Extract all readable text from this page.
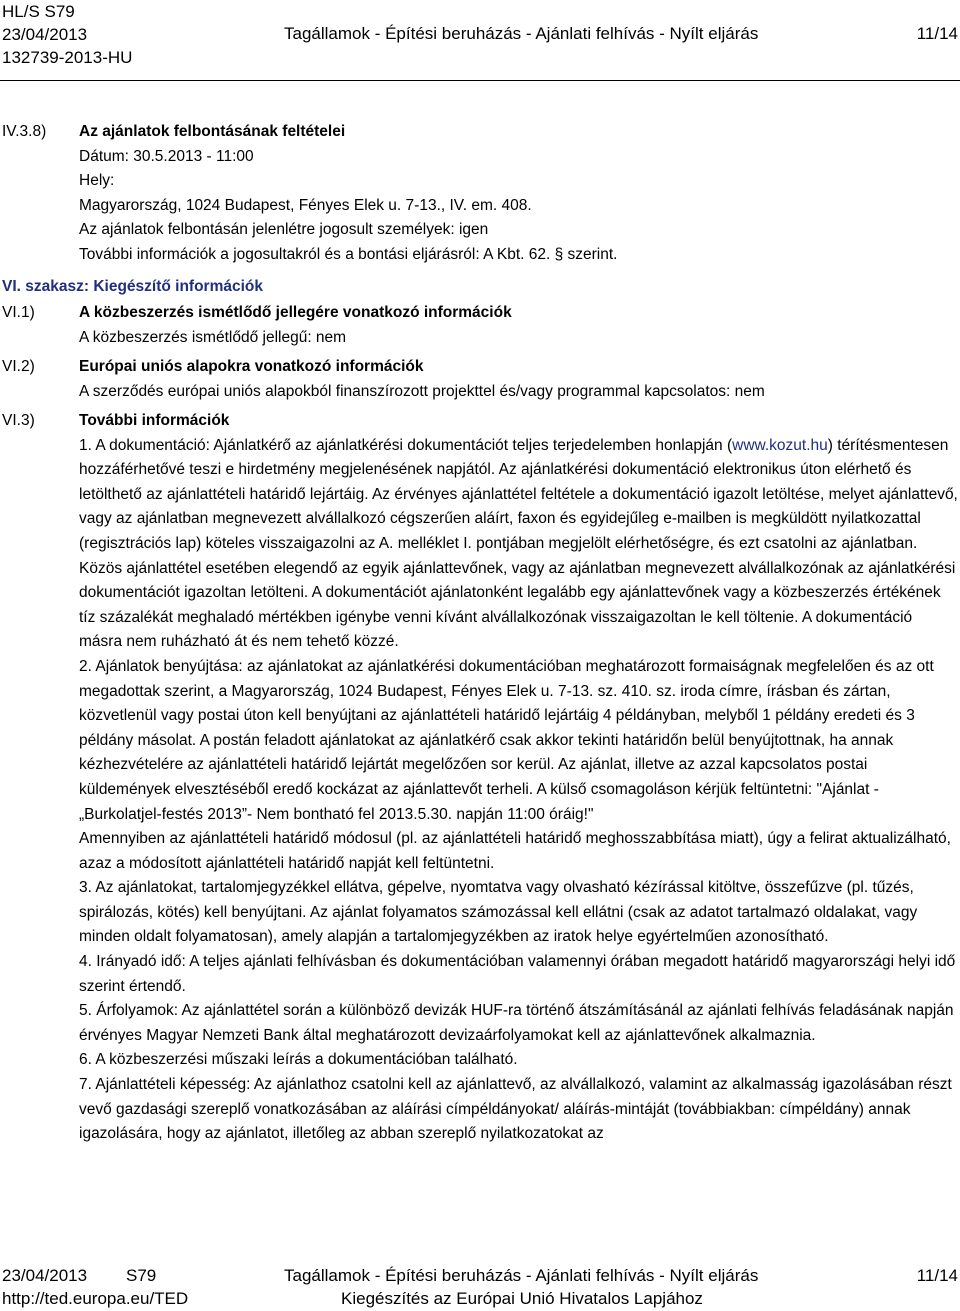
HL/S S79
23/04/2013
132739-2013-HU
Tagállamok - Építési beruházás - Ajánlati felhívás - Nyílt eljárás	11/14
IV.3.8) Az ajánlatok felbontásának feltételei

Dátum: 30.5.2013 - 11:00

Hely:

Magyarország, 1024 Budapest, Fényes Elek u. 7-13., IV. em. 408.

Az ajánlatok felbontásán jelenlétre jogosult személyek: igen

További információk a jogosultakról és a bontási eljárásról: A Kbt. 62. § szerint.

VI. szakasz: Kiegészítő információk
VI.1)	A közbeszerzés ismétlődő jellegére vonatkozó információk

A közbeszerzés ismétlődő jellegű: nem

VI.2)	Európai uniós alapokra vonatkozó információk

A szerződés európai uniós alapokból finanszírozott projekttel és/vagy programmal kapcsolatos: nem

VI.3)	További információk

1. A dokumentáció: Ajánlatkérő az ajánlatkérési dokumentációt teljes terjedelemben honlapján (www.kozut.hu) térítésmentesen hozzáférhetővé teszi e hirdetmény megjelenésének napjától. Az ajánlatkérési dokumentáció elektronikus úton elérhető és letölthető az ajánlattételi határidő lejártáig. Az érvényes ajánlattétel feltétele a dokumentáció igazolt letöltése, melyet ajánlattevő, vagy az ajánlatban megnevezett alvállalkozó cégszerűen aláírt, faxon és egyidejűleg e-mailben is megküldött nyilatkozattal (regisztrációs lap) köteles visszaigazolni az A. melléklet I. pontjában megjelölt elérhetőségre, és ezt csatolni az ajánlatban. Közös ajánlattétel esetében elegendő az egyik ajánlattevőnek, vagy az ajánlatban megnevezett alvállalkozónak az ajánlatkérési dokumentációt igazoltan letölteni. A dokumentációt ajánlatonként legalább egy ajánlattevőnek vagy a közbeszerzés értékének tíz százalékát meghaladó mértékben igénybe venni kívánt alvállalkozónak visszaigazoltan le kell töltenie. A dokumentáció másra nem ruházható át és nem tehető közzé.

2. Ajánlatok benyújtása: az ajánlatokat az ajánlatkérési dokumentációban meghatározott formaiságnak megfelelően és az ott megadottak szerint, a Magyarország, 1024 Budapest, Fényes Elek u. 7-13. sz. 410. sz. iroda címre, írásban és zártan, közvetlenül vagy postai úton kell benyújtani az ajánlattételi határidő lejártáig 4 példányban, melyből 1 példány eredeti és 3 példány másolat. A postán feladott ajánlatokat az ajánlatkérő csak akkor tekinti határidőn belül benyújtottnak, ha annak kézhezvételére az ajánlattételi határidő lejártát megelőzően sor kerül. Az ajánlat, illetve az azzal kapcsolatos postai küldemények elvesztéséből eredő kockázat az ajánlattevőt terheli. A külső csomagoláson kérjük feltüntetni: "Ajánlat - „Burkolatjel-festés 2013”- Nem bontható fel 2013.5.30. napján 11:00 óráig!"

Amennyiben az ajánlattételi határidő módosul (pl. az ajánlattételi határidő meghosszabbítása miatt), úgy a felirat aktualizálható, azaz a módosított ajánlattételi határidő napját kell feltüntetni.

3. Az ajánlatokat, tartalomjegyzékkel ellátva, gépelve, nyomtatva vagy olvasható kézírással kitöltve, összefűzve (pl. tűzés, spirálozás, kötés) kell benyújtani. Az ajánlat folyamatos számozással kell ellátni (csak az adatot tartalmazó oldalakat, vagy minden oldalt folyamatosan), amely alapján a tartalomjegyzékben az iratok helye egyértelműen azonosítható.

4. Irányadó idő: A teljes ajánlati felhívásban és dokumentációban valamennyi órában megadott határidő magyarországi helyi idő szerint értendő.

5. Árfolyamok: Az ajánlattétel során a különböző devizák HUF-ra történő átszámításánál az ajánlati felhívás feladásának napján érvényes Magyar Nemzeti Bank által meghatározott devizaárfolyamokat kell az ajánlattevőnek alkalmaznia.

6. A közbeszerzési műszaki leírás a dokumentációban található.

7. Ajánlattételi képesség: Az ajánlathoz csatolni kell az ajánlattevő, az alvállalkozó, valamint az alkalmasság igazolásában részt vevő gazdasági szereplő vonatkozásában az aláírási címpéldányokat/ aláírás-mintáját (továbbiakban: címpéldány) annak igazolására, hogy az ajánlatot, illetőleg az abban szereplő nyilatkozatokat az

23/04/2013 S79
http://ted.europa.eu/TED
Tagállamok - Építési beruházás - Ajánlati felhívás - Nyílt eljárás
Kiegészítés az Európai Unió Hivatalos Lapjához
11/14
